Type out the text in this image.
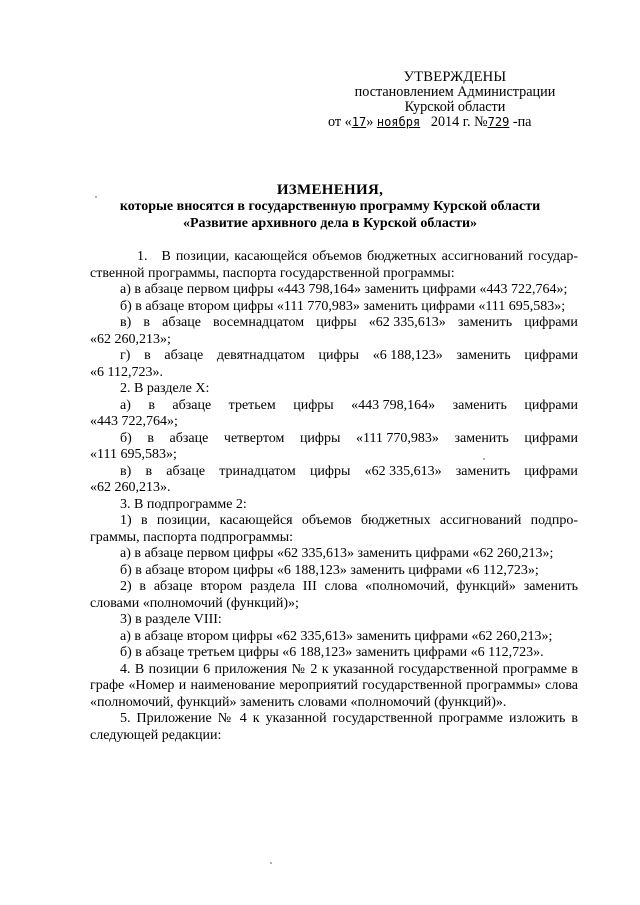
УТВЕРЖДЕНЫ
постановлением Администрации
Курской области
от «17» ноября 2014 г. №729 -па
ИЗМЕНЕНИЯ,
которые вносятся в государственную программу Курской области
«Развитие архивного дела в Курской области»

1. В позиции, касающейся объемов бюджетных ассигнований государ-ственной программы, паспорта государственной программы:

а) в абзаце первом цифры «443 798,164» заменить цифрами «443 722,764»;

б) в абзаце втором цифры «111 770,983» заменить цифрами «111 695,583»;

в) в абзаце восемнадцатом цифры «62 335,613» заменить цифрами

«62 260,213»;

г) в абзаце девятнадцатом цифры «6 188,123» заменить цифрами

«6 112,723».

2. В разделе X:

а) в абзаце третьем цифры «443 798,164» заменить цифрами

«443 722,764»;

б) в абзаце четвертом цифры «111 770,983» заменить цифрами

«111 695,583»;

в) в абзаце тринадцатом цифры «62 335,613» заменить цифрами

«62 260,213».

3. В подпрограмме 2:

1) в позиции, касающейся объемов бюджетных ассигнований подпро-граммы, паспорта подпрограммы:

а) в абзаце первом цифры «62 335,613» заменить цифрами «62 260,213»;

б) в абзаце втором цифры «6 188,123» заменить цифрами «6 112,723»;

2) в абзаце втором раздела III слова «полномочий, функций» заменить словами «полномочий (функций)»;

3) в разделе VIII:

а) в абзаце втором цифры «62 335,613» заменить цифрами «62 260,213»;

б) в абзаце третьем цифры «6 188,123» заменить цифрами «6 112,723».

4. В позиции 6 приложения № 2 к указанной государственной программе в графе «Номер и наименование мероприятий государственной программы» слова «полномочий, функций» заменить словами «полномочий (функций)».

5. Приложение № 4 к указанной государственной программе изложить в следующей редакции:
